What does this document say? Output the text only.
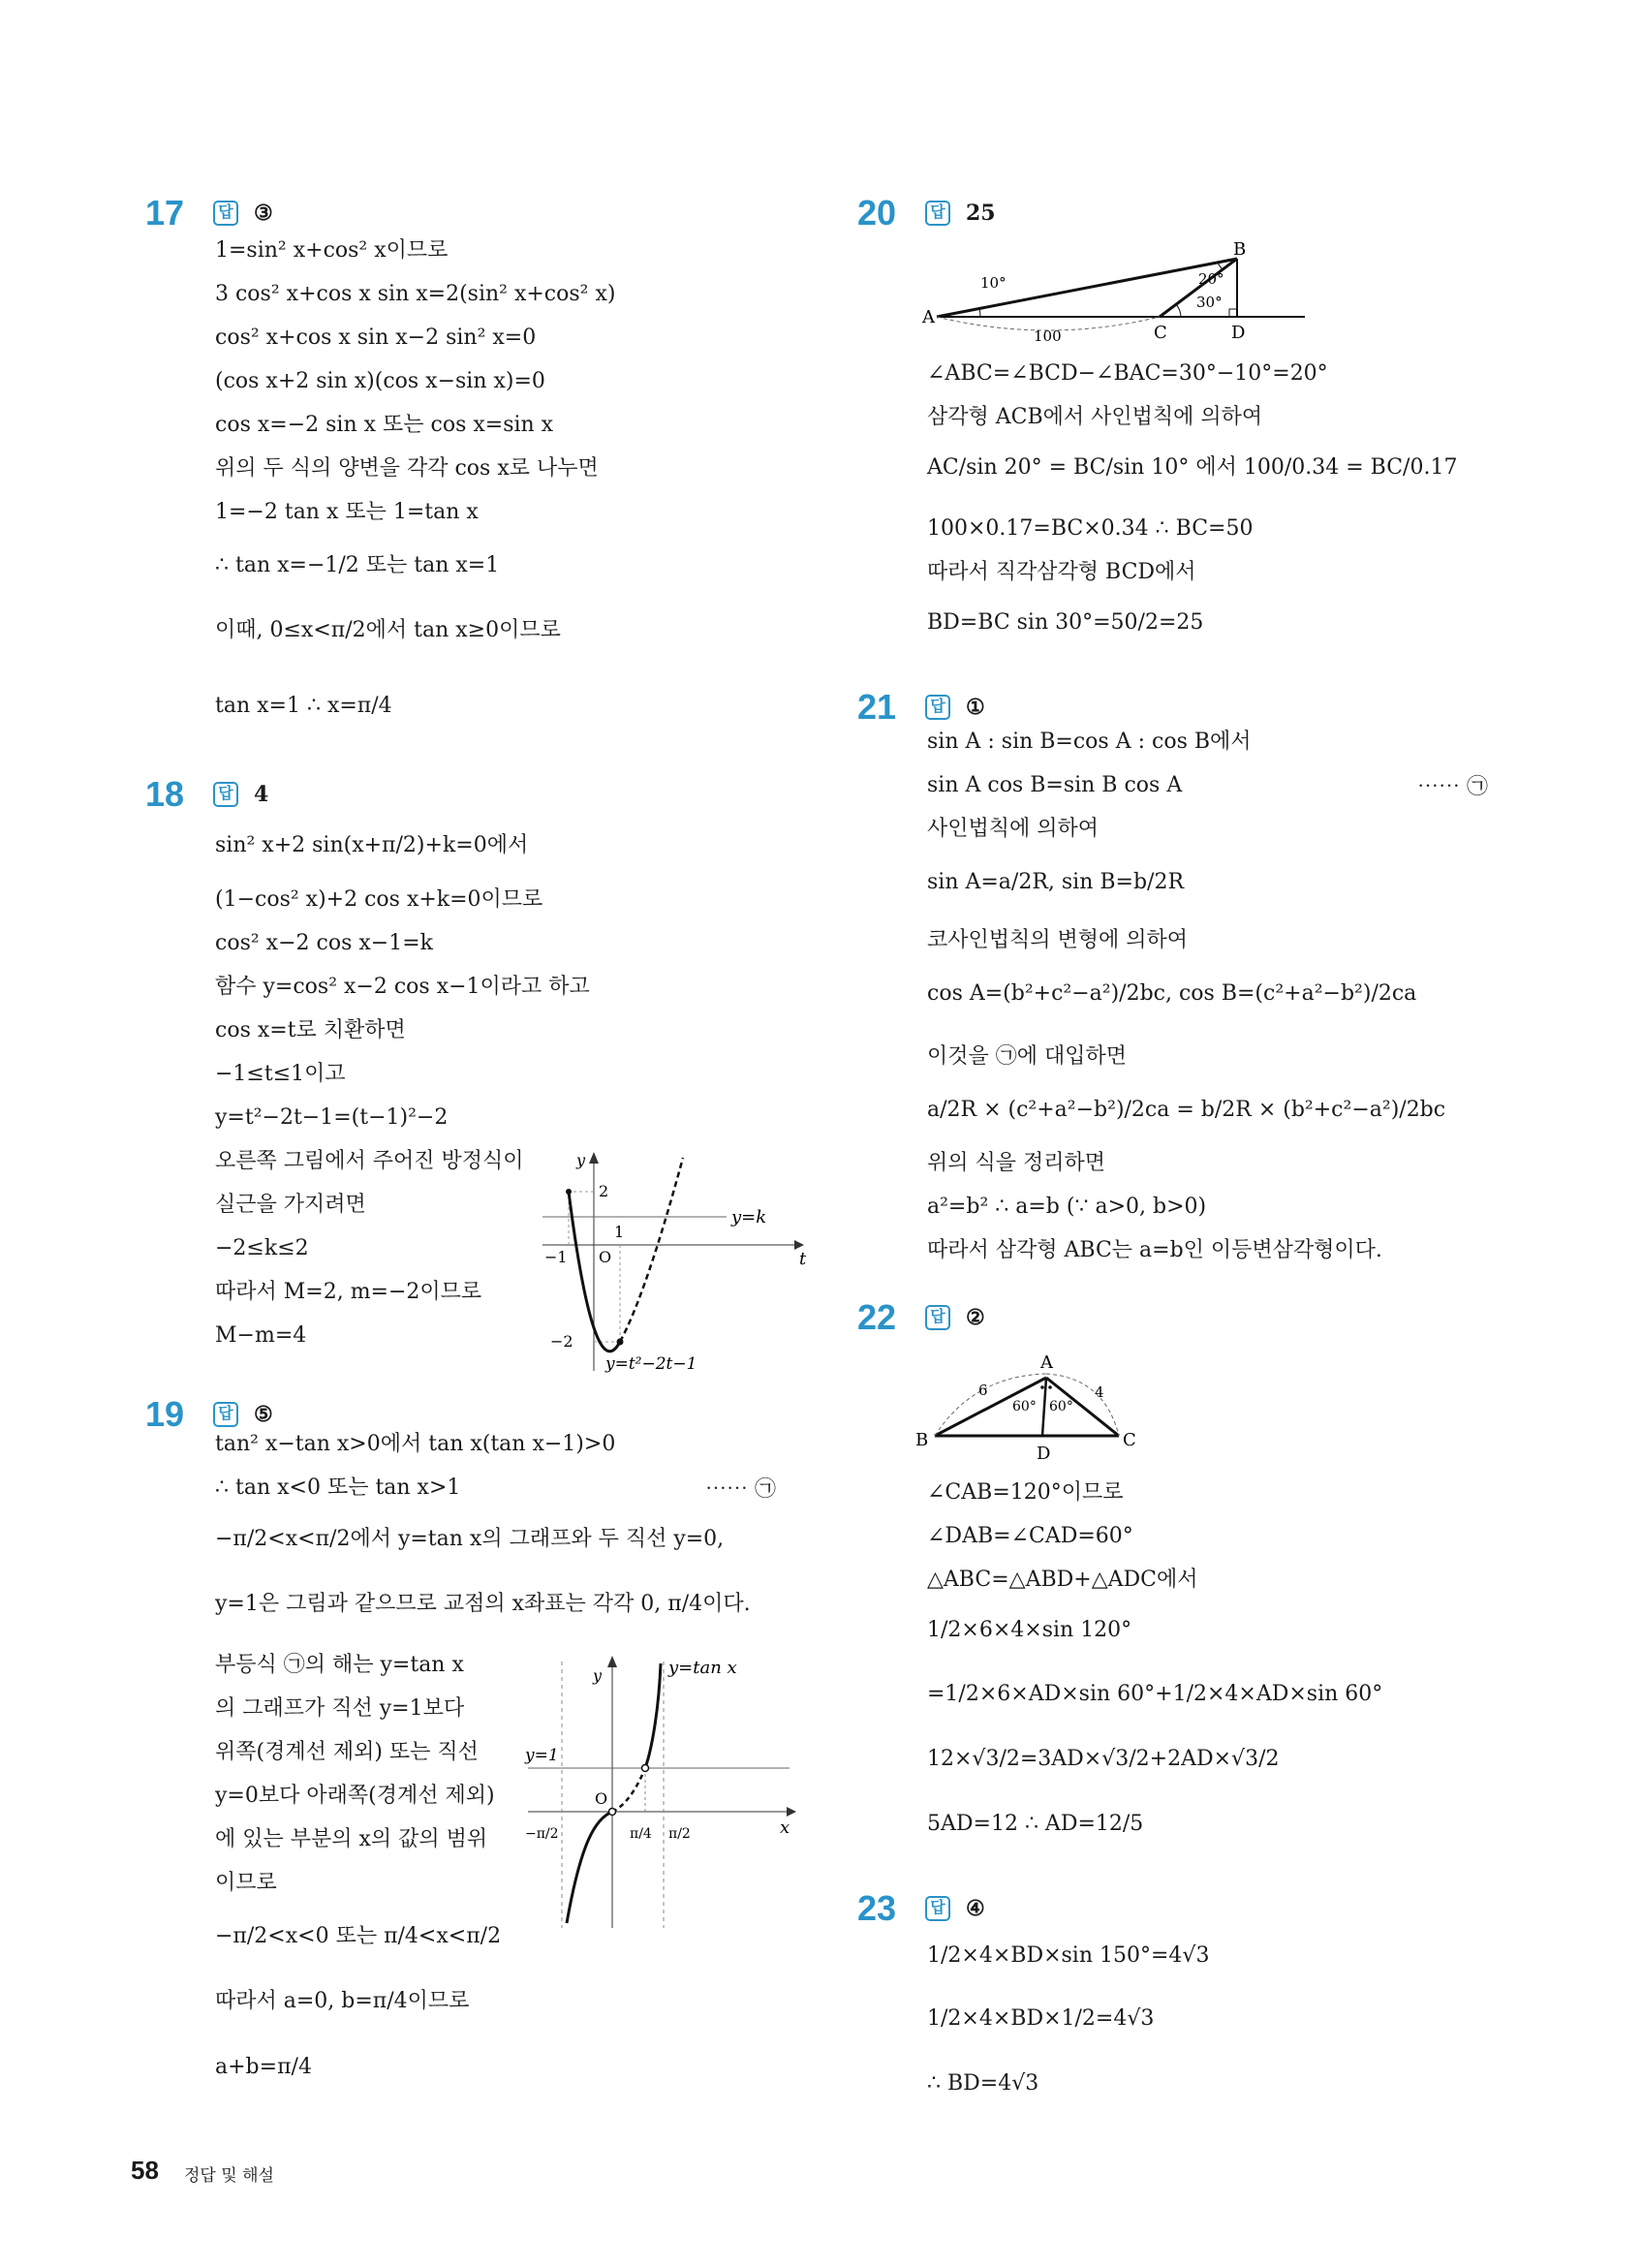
17	답 ③
1=sin² x+cos² x이므로
3 cos² x+cos x sin x=2(sin² x+cos² x)
cos² x+cos x sin x−2 sin² x=0
(cos x+2 sin x)(cos x−sin x)=0
cos x=−2 sin x 또는 cos x=sin x
위의 두 식의 양변을 각각 cos x로 나누면
1=−2 tan x 또는 1=tan x
∴ tan x=−1/2 또는 tan x=1
이때, 0≤x<π/2에서 tan x≥0이므로
tan x=1 ∴ x=π/4
18	답 4
sin² x+2 sin(x+π/2)+k=0에서
(1−cos² x)+2 cos x+k=0이므로
cos² x−2 cos x−1=k
함수 y=cos² x−2 cos x−1이라고 하고
cos x=t로 치환하면
−1≤t≤1이고
y=t²−2t−1=(t−1)²−2
오른쪽 그림에서 주어진 방정식이
실근을 가지려면
−2≤k≤2
따라서 M=2, m=−2이므로
M−m=4
y
t
O
2
1
−1
−2
y=k
y=t²−2t−1
19	답 ⑤
tan² x−tan x>0에서 tan x(tan x−1)>0
∴ tan x<0 또는 tan x>1	⋯⋯ ㉠
−π/2<x<π/2에서 y=tan x의 그래프와 두 직선 y=0,
y=1은 그림과 같으므로 교점의 x좌표는 각각 0, π/4이다.
부등식 ㉠의 해는 y=tan x
의 그래프가 직선 y=1보다
위쪽(경계선 제외) 또는 직선
y=0보다 아래쪽(경계선 제외)
에 있는 부분의 x의 값의 범위
이므로
−π/2<x<0 또는 π/4<x<π/2
따라서 a=0, b=π/4이므로
a+b=π/4
y
x
O
y=tan x
y=1
−π/2	π/4 π/2
20	답 25
A
B
C	D
10°	20°
30°
100
∠ABC=∠BCD−∠BAC=30°−10°=20°
삼각형 ACB에서 사인법칙에 의하여
AC/sin 20° = BC/sin 10° 에서 100/0.34 = BC/0.17
100×0.17=BC×0.34 ∴ BC=50
따라서 직각삼각형 BCD에서
BD=BC sin 30°=50/2=25
21	답 ①
sin A : sin B=cos A : cos B에서
sin A cos B=sin B cos A	⋯⋯ ㉠
사인법칙에 의하여
sin A=a/2R, sin B=b/2R
코사인법칙의 변형에 의하여
cos A=(b²+c²−a²)/2bc, cos B=(c²+a²−b²)/2ca
이것을 ㉠에 대입하면
a/2R × (c²+a²−b²)/2ca = b/2R × (b²+c²−a²)/2bc
위의 식을 정리하면
a²=b² ∴ a=b (∵ a>0, b>0)
따라서 삼각형 ABC는 a=b인 이등변삼각형이다.
22	답 ②
A
B	C
D
6	4
60° 60°
∠CAB=120°이므로
∠DAB=∠CAD=60°
△ABC=△ABD+△ADC에서
1/2×6×4×sin 120°
=1/2×6×AD×sin 60°+1/2×4×AD×sin 60°
12×√3/2=3AD×√3/2+2AD×√3/2
5AD=12 ∴ AD=12/5
23	답 ④
1/2×4×BD×sin 150°=4√3
1/2×4×BD×1/2=4√3
∴ BD=4√3
58 정답 및 해설
